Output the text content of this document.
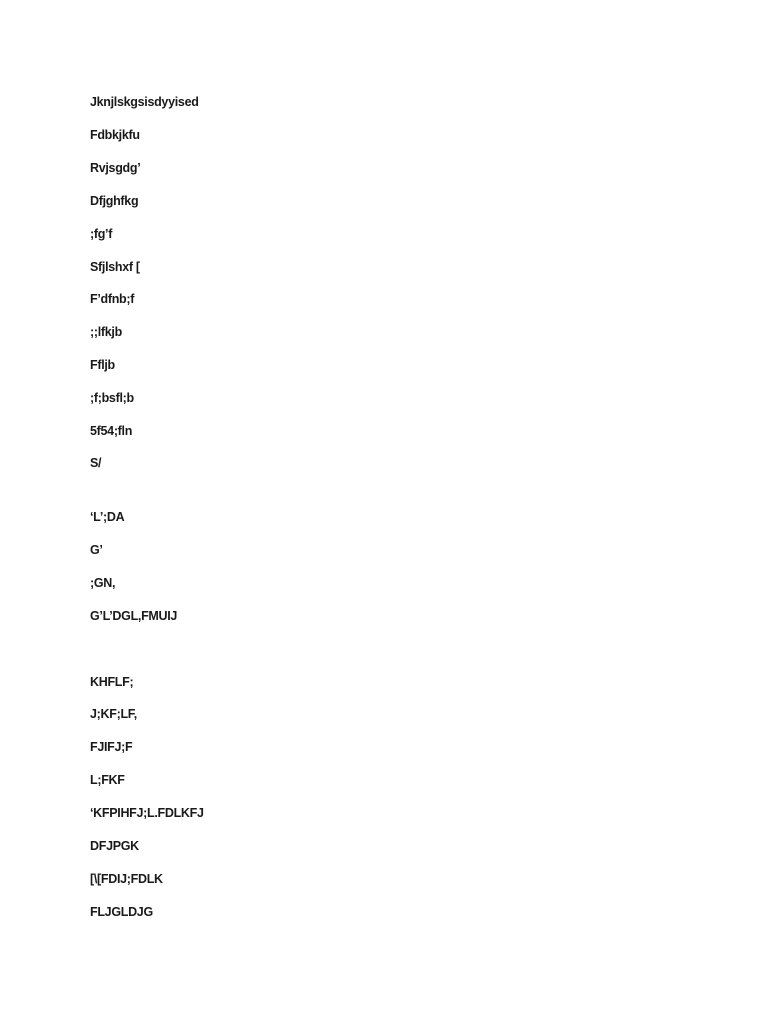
Jknjlskgsisdyyised
Fdbkjkfu
Rvjsgdg’
Dfjghfkg
;fg’f
Sfjlshxf [
F’dfnb;f
;;lfkjb
Ffljb
;f;bsfl;b
5f54;fln
S/
‘L’;DA
G’
;GN,
G’L’DGL,FMUIJ
KHFLF;
J;KF;LF,
FJIFJ;F
L;FKF
‘KFPIHFJ;L.FDLKFJ
DFJPGK
[\[FDIJ;FDLK
FLJGLDJG
